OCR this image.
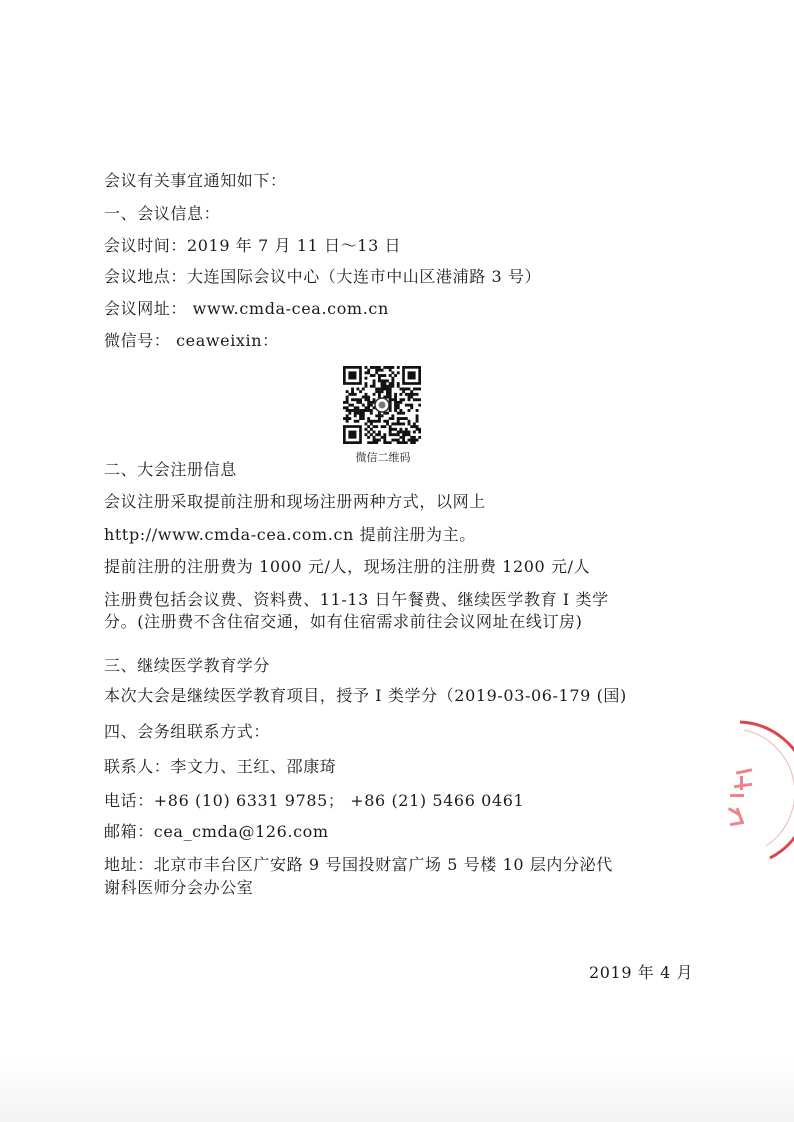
会议有关事宜通知如下：
一、会议信息：
会议时间：2019 年 7 月 11 日～13 日
会议地点：大连国际会议中心（大连市中山区港浦路 3 号）
会议网址： www.cmda-cea.com.cn
微信号： ceaweixin：
微信二维码
二、大会注册信息
会议注册采取提前注册和现场注册两种方式，以网上
http://www.cmda-cea.com.cn 提前注册为主。
提前注册的注册费为 1000 元/人，现场注册的注册费 1200 元/人
注册费包括会议费、资料费、11-13 日午餐费、继续医学教育 I 类学
分。(注册费不含住宿交通，如有住宿需求前往会议网址在线订房)
三、继续医学教育学分
本次大会是继续医学教育项目，授予 I 类学分（2019-03-06-179 (国)
四、会务组联系方式：
联系人：李文力、王红、邵康琦
电话：+86 (10) 6331 9785； +86 (21) 5466 0461
邮箱：cea_cmda@126.com
地址：北京市丰台区广安路 9 号国投财富广场 5 号楼 10 层内分泌代
谢科医师分会办公室
2019 年 4 月
